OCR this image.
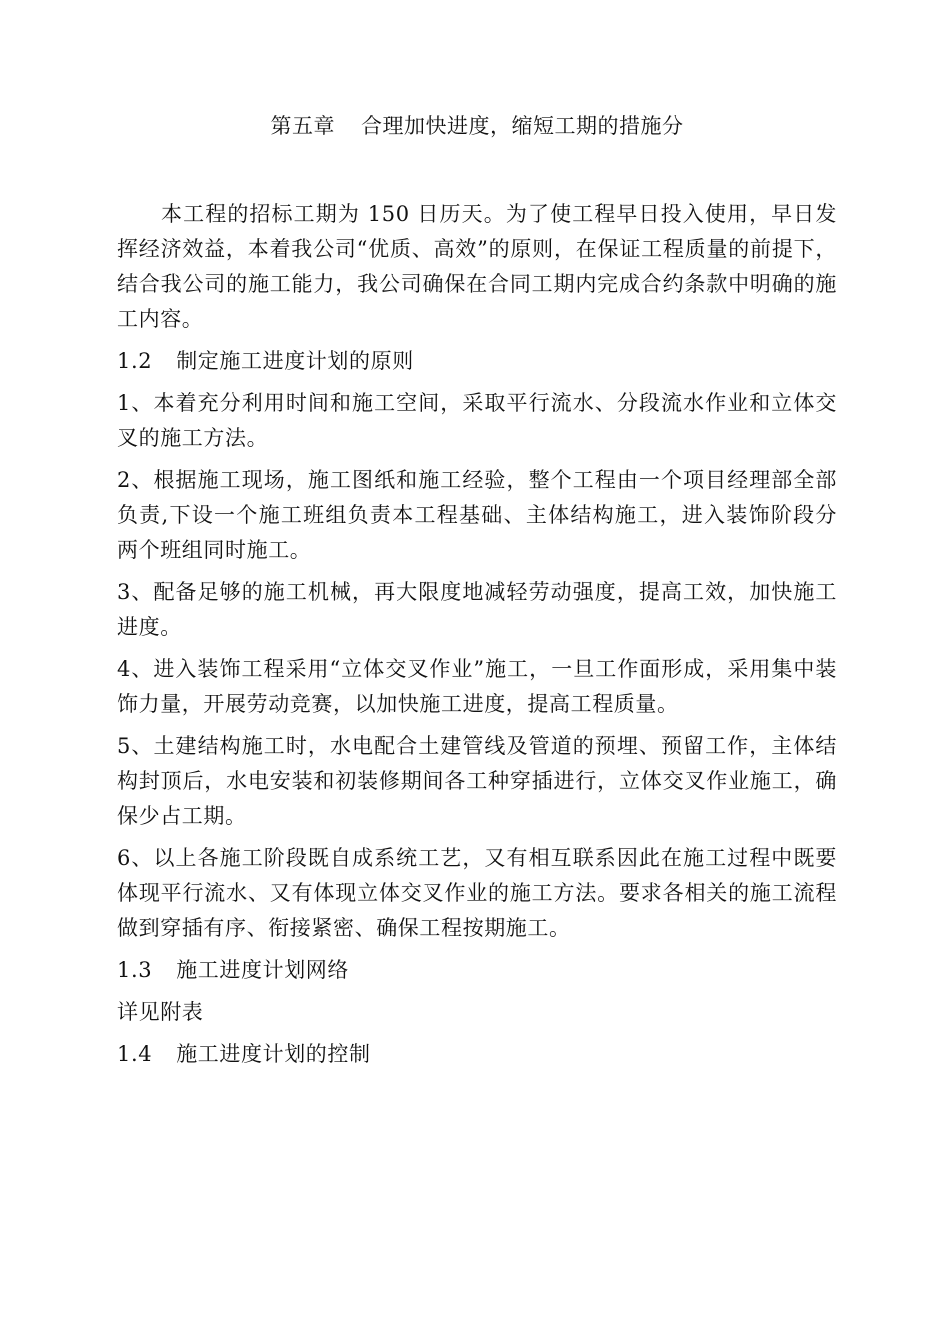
第五章 合理加快进度，缩短工期的措施分

本工程的招标工期为 150 日历天。为了使工程早日投入使用，早日发挥经济效益，本着我公司“优质、高效”的原则，在保证工程质量的前提下，结合我公司的施工能力，我公司确保在合同工期内完成合约条款中明确的施工内容。

1.2 制定施工进度计划的原则

1、本着充分利用时间和施工空间，采取平行流水、分段流水作业和立体交叉的施工方法。

2、根据施工现场，施工图纸和施工经验，整个工程由一个项目经理部全部负责,下设一个施工班组负责本工程基础、主体结构施工，进入装饰阶段分两个班组同时施工。

3、配备足够的施工机械，再大限度地减轻劳动强度，提高工效，加快施工进度。

4、进入装饰工程采用“立体交叉作业”施工，一旦工作面形成，采用集中装饰力量，开展劳动竞赛，以加快施工进度，提高工程质量。

5、土建结构施工时，水电配合土建管线及管道的预埋、预留工作，主体结构封顶后，水电安装和初装修期间各工种穿插进行，立体交叉作业施工，确保少占工期。

6、以上各施工阶段既自成系统工艺，又有相互联系因此在施工过程中既要体现平行流水、又有体现立体交叉作业的施工方法。要求各相关的施工流程做到穿插有序、衔接紧密、确保工程按期施工。

1.3 施工进度计划网络

详见附表

1.4 施工进度计划的控制
